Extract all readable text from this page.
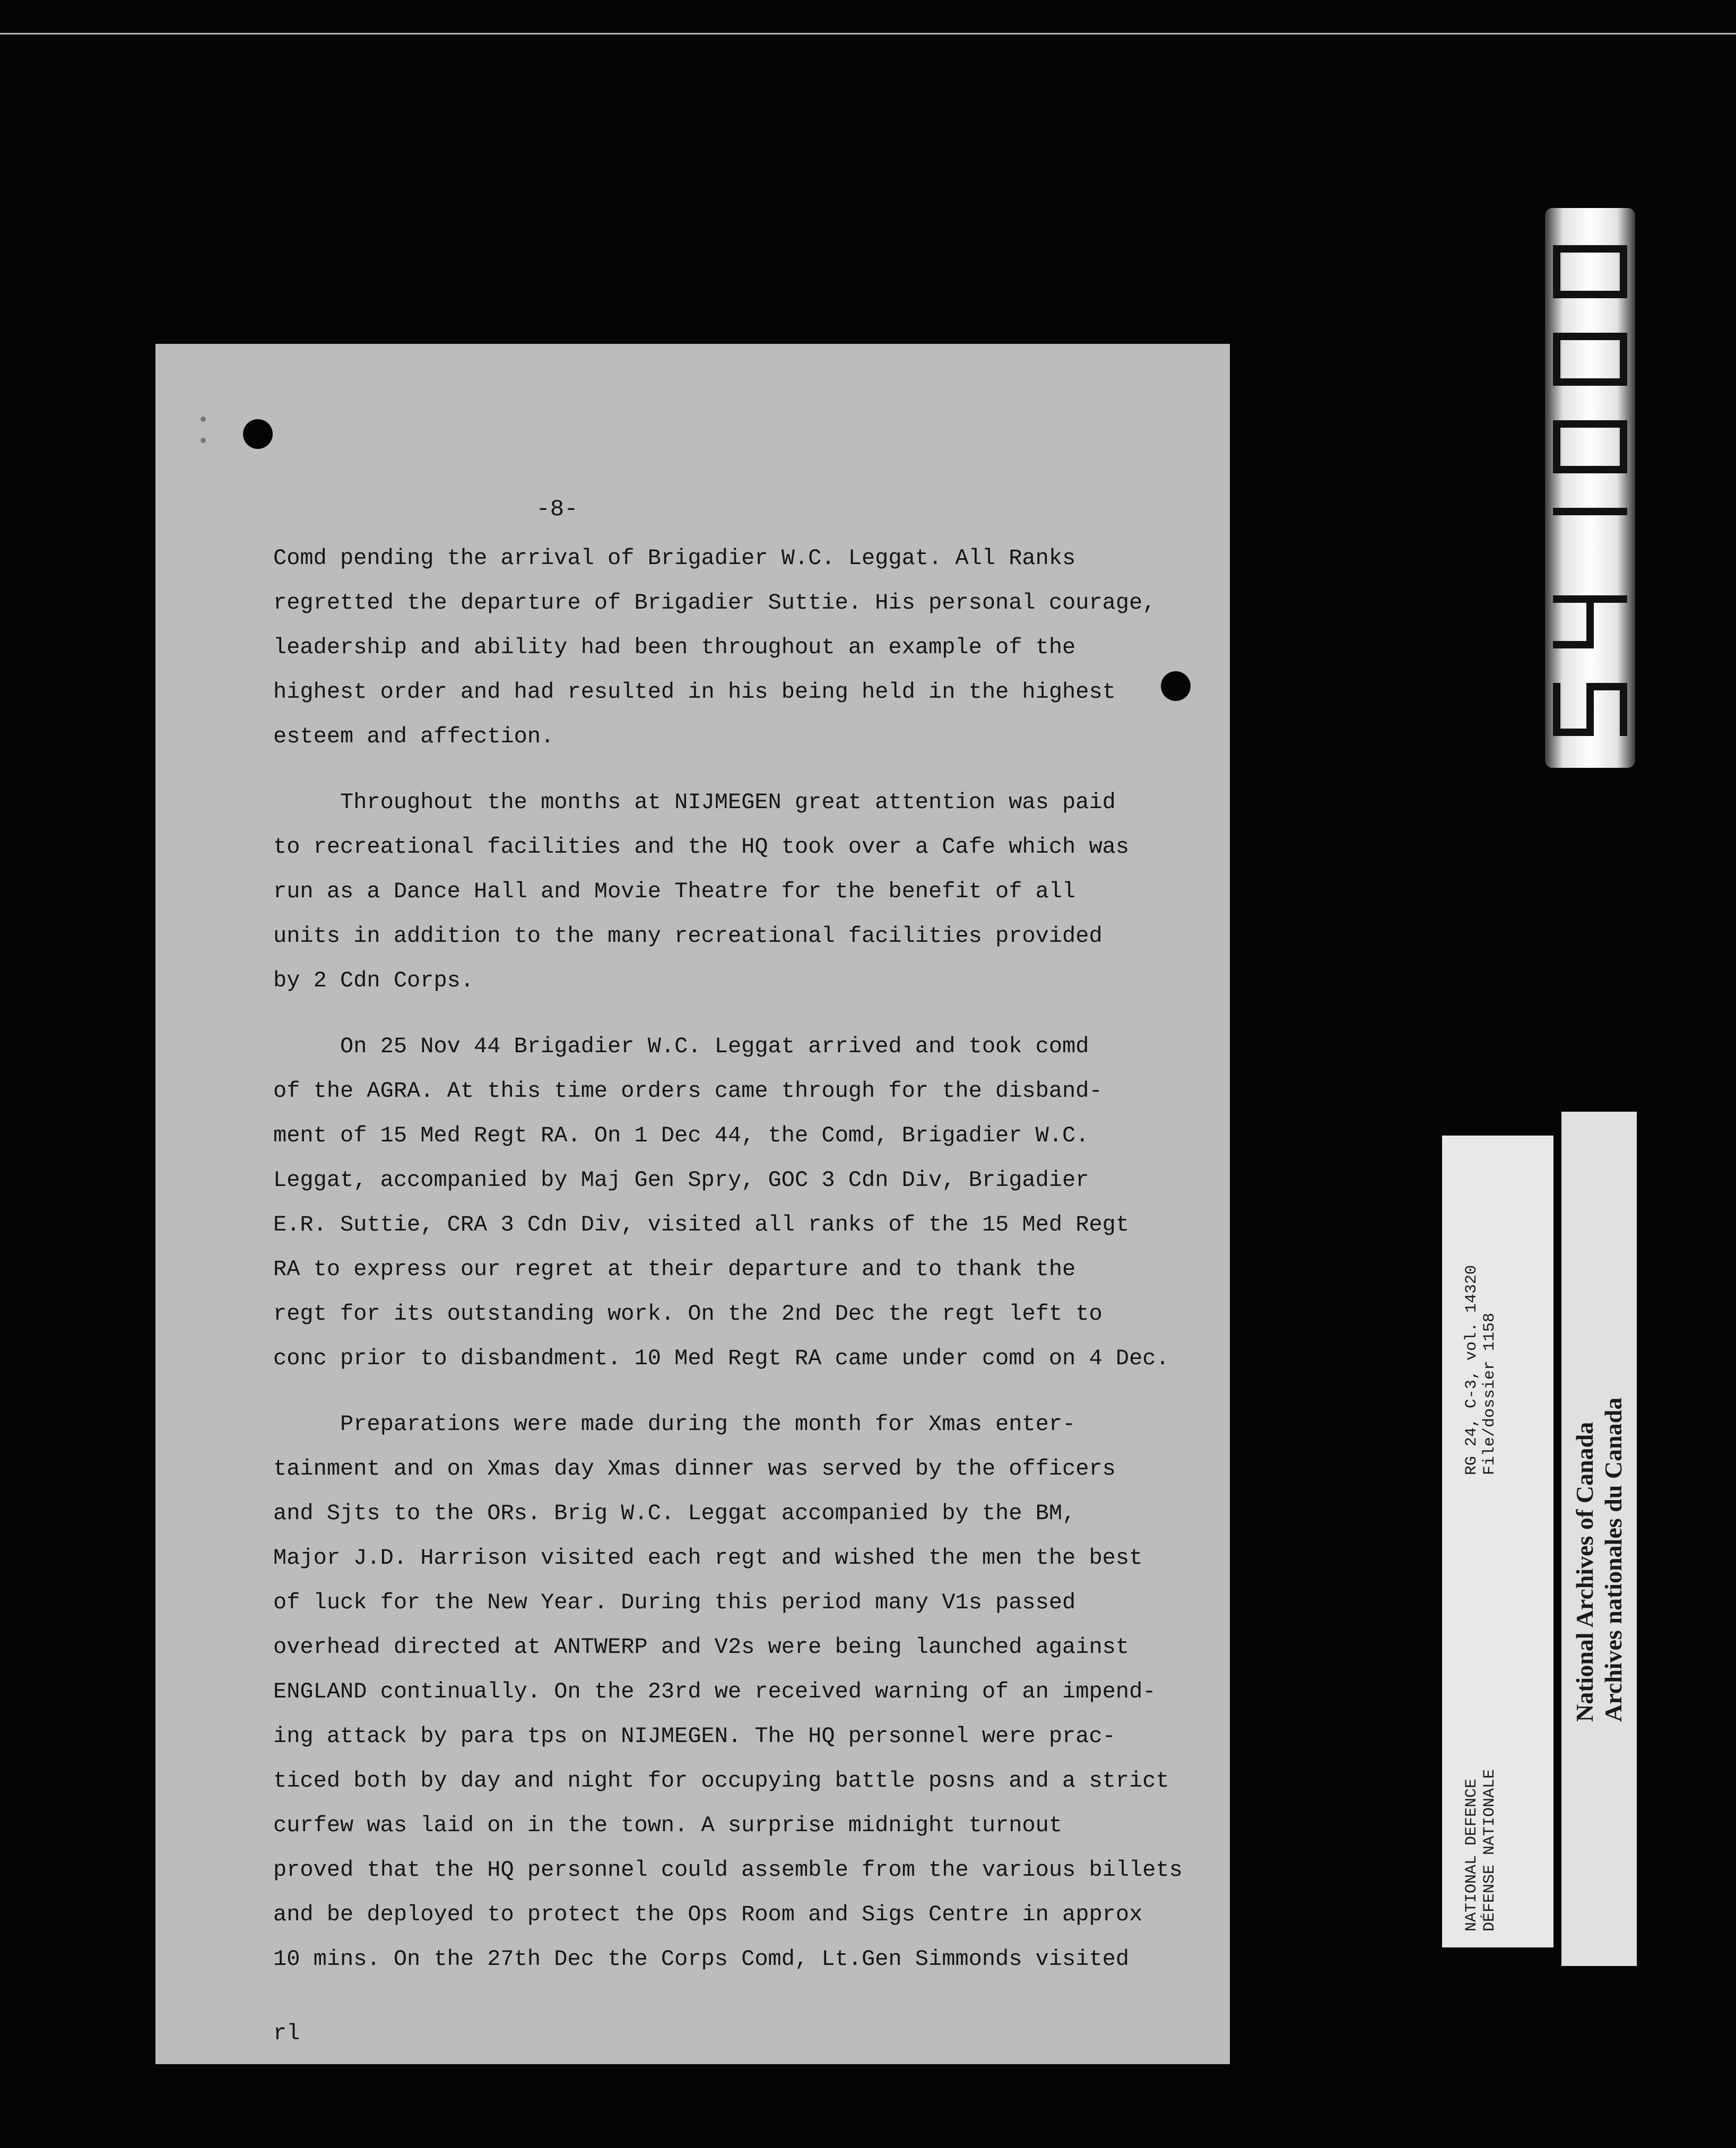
-8-
Comd pending the arrival of Brigadier W.C. Leggat. All Ranks
regretted the departure of Brigadier Suttie. His personal courage,
leadership and ability had been throughout an example of the
highest order and had resulted in his being held in the highest
esteem and affection.
Throughout the months at NIJMEGEN great attention was paid
to recreational facilities and the HQ took over a Cafe which was
run as a Dance Hall and Movie Theatre for the benefit of all
units in addition to the many recreational facilities provided
by 2 Cdn Corps.
On 25 Nov 44 Brigadier W.C. Leggat arrived and took comd
of the AGRA. At this time orders came through for the disband-
ment of 15 Med Regt RA. On 1 Dec 44, the Comd, Brigadier W.C.
Leggat, accompanied by Maj Gen Spry, GOC 3 Cdn Div, Brigadier
E.R. Suttie, CRA 3 Cdn Div, visited all ranks of the 15 Med Regt
RA to express our regret at their departure and to thank the
regt for its outstanding work. On the 2nd Dec the regt left to
conc prior to disbandment. 10 Med Regt RA came under comd on 4 Dec.
Preparations were made during the month for Xmas enter-
tainment and on Xmas day Xmas dinner was served by the officers
and Sjts to the ORs. Brig W.C. Leggat accompanied by the BM,
Major J.D. Harrison visited each regt and wished the men the best
of luck for the New Year. During this period many V1s passed
overhead directed at ANTWERP and V2s were being launched against
ENGLAND continually. On the 23rd we received warning of an impend-
ing attack by para tps on NIJMEGEN. The HQ personnel were prac-
ticed both by day and night for occupying battle posns and a strict
curfew was laid on in the town. A surprise midnight turnout
proved that the HQ personnel could assemble from the various billets
and be deployed to protect the Ops Room and Sigs Centre in approx
10 mins. On the 27th Dec the Corps Comd, Lt.Gen Simmonds visited
rl
NATIONAL DEFENCE DÉFENSE NATIONALE
RG 24, C-3, vol. 14320 File/dossier 1158
National Archives of Canada Archives nationales du Canada
